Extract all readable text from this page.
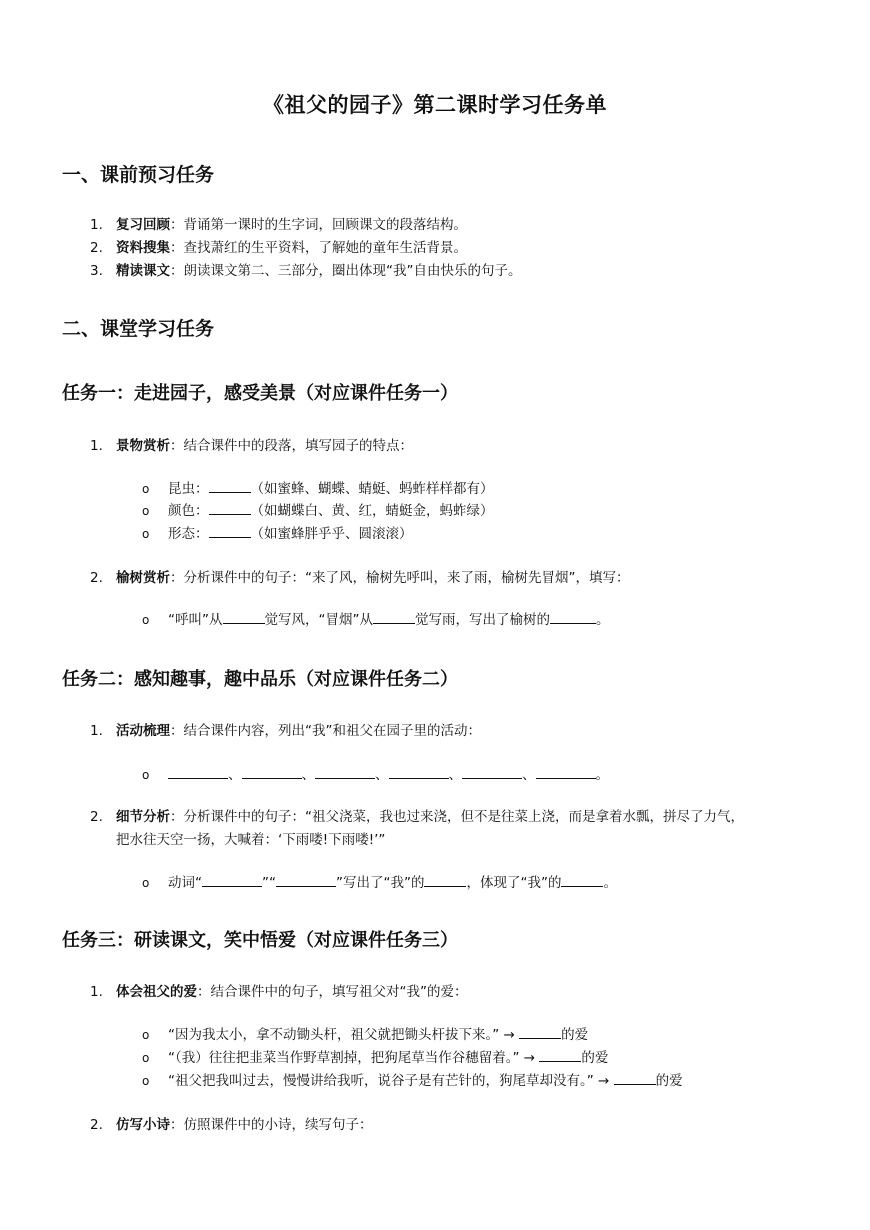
《祖父的园子》第二课时学习任务单
一、课前预习任务
1. 复习回顾：背诵第一课时的生字词，回顾课文的段落结构。
2. 资料搜集：查找萧红的生平资料，了解她的童年生活背景。
3. 精读课文：朗读课文第二、三部分，圈出体现“我”自由快乐的句子。
二、课堂学习任务
任务一：走进园子，感受美景（对应课件任务一）
1. 景物赏析：结合课件中的段落，填写园子的特点：
o 昆虫：	（如蜜蜂、蝴蝶、蜻蜓、蚂蚱样样都有）
o 颜色：	（如蝴蝶白、黄、红，蜻蜓金，蚂蚱绿）
o 形态：	（如蜜蜂胖乎乎、圆滚滚）
2. 榆树赏析：分析课件中的句子：“来了风，榆树先呼叫，来了雨，榆树先冒烟”，填写：
o “呼叫”从	觉写风，“冒烟”从	觉写雨，写出了榆树的	。
任务二：感知趣事，趣中品乐（对应课件任务二）
1. 活动梳理：结合课件内容，列出“我”和祖父在园子里的活动：
o	、	、	、	、	、	。
2. 细节分析：分析课件中的句子：“祖父浇菜，我也过来浇，但不是往菜上浇，而是拿着水瓢，拼尽了力气，
把水往天空一扬，大喊着：‘下雨喽!下雨喽!’”
o 动词“	”“	”写出了“我”的	，体现了“我”的	。
任务三：研读课文，笑中悟爱（对应课件任务三）
1. 体会祖父的爱：结合课件中的句子，填写祖父对“我”的爱：
o “因为我太小，拿不动锄头杆，祖父就把锄头杆拔下来。” →	的爱
o “（我）往往把韭菜当作野草割掉，把狗尾草当作谷穗留着。” →	的爱
o “祖父把我叫过去，慢慢讲给我听，说谷子是有芒针的，狗尾草却没有。” →	的爱
2. 仿写小诗：仿照课件中的小诗，续写句子：
